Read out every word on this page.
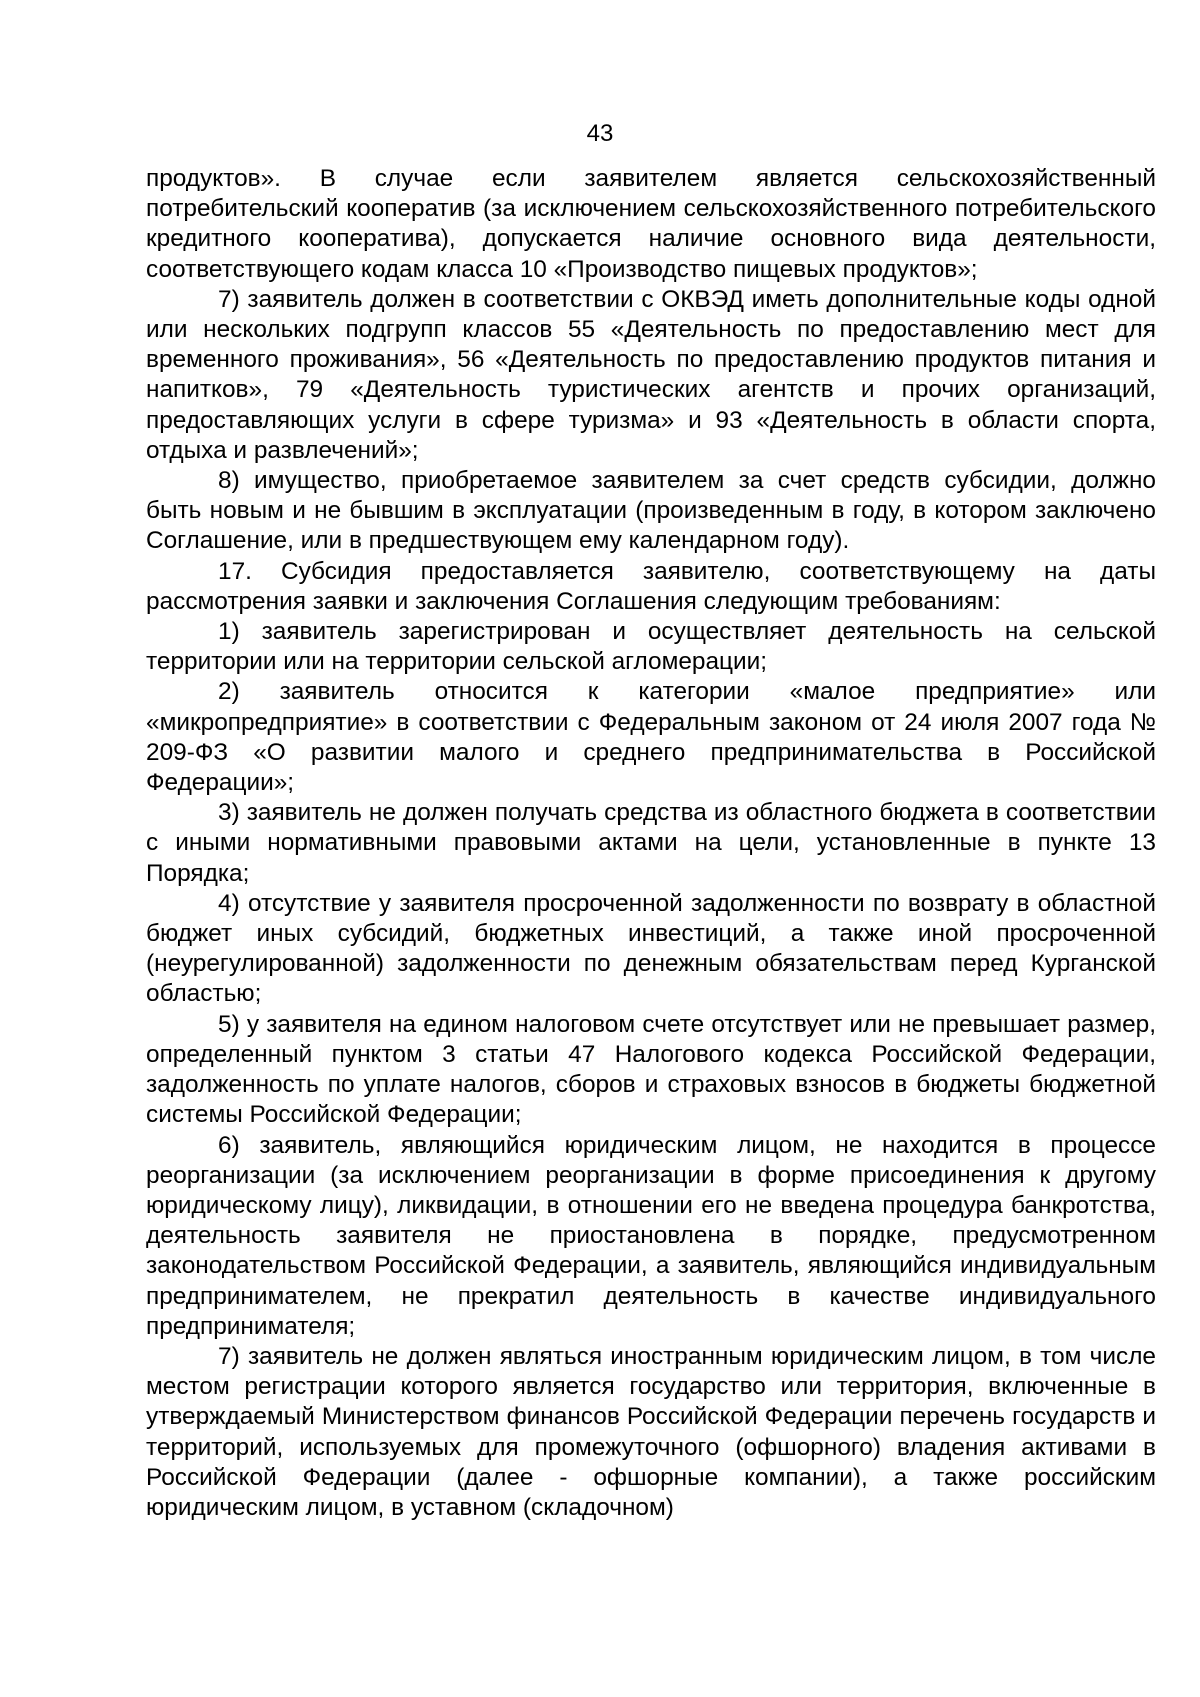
43

продуктов». В случае если заявителем является сельскохозяйственный потребительский кооператив (за исключением сельскохозяйственного потребительского кредитного кооператива), допускается наличие основного вида деятельности, соответствующего кодам класса 10 «Производство пищевых продуктов»;

7) заявитель должен в соответствии с ОКВЭД иметь дополнительные коды одной или нескольких подгрупп классов 55 «Деятельность по предоставлению мест для временного проживания», 56 «Деятельность по предоставлению продуктов питания и напитков», 79 «Деятельность туристических агентств и прочих организаций, предоставляющих услуги в сфере туризма» и 93 «Деятельность в области спорта, отдыха и развлечений»;

8) имущество, приобретаемое заявителем за счет средств субсидии, должно быть новым и не бывшим в эксплуатации (произведенным в году, в котором заключено Соглашение, или в предшествующем ему календарном году).

17. Субсидия предоставляется заявителю, соответствующему на даты рассмотрения заявки и заключения Соглашения следующим требованиям:

1) заявитель зарегистрирован и осуществляет деятельность на сельской территории или на территории сельской агломерации;

2) заявитель относится к категории «малое предприятие» или «микропредприятие» в соответствии с Федеральным законом от 24 июля 2007 года № 209-ФЗ «О развитии малого и среднего предпринимательства в Российской Федерации»;

3) заявитель не должен получать средства из областного бюджета в соответствии с иными нормативными правовыми актами на цели, установленные в пункте 13 Порядка;

4) отсутствие у заявителя просроченной задолженности по возврату в областной бюджет иных субсидий, бюджетных инвестиций, а также иной просроченной (неурегулированной) задолженности по денежным обязательствам перед Курганской областью;

5) у заявителя на едином налоговом счете отсутствует или не превышает размер, определенный пунктом 3 статьи 47 Налогового кодекса Российской Федерации, задолженность по уплате налогов, сборов и страховых взносов в бюджеты бюджетной системы Российской Федерации;

6) заявитель, являющийся юридическим лицом, не находится в процессе реорганизации (за исключением реорганизации в форме присоединения к другому юридическому лицу), ликвидации, в отношении его не введена процедура банкротства, деятельность заявителя не приостановлена в порядке, предусмотренном законодательством Российской Федерации, а заявитель, являющийся индивидуальным предпринимателем, не прекратил деятельность в качестве индивидуального предпринимателя;

7) заявитель не должен являться иностранным юридическим лицом, в том числе местом регистрации которого является государство или территория, включенные в утверждаемый Министерством финансов Российской Федерации перечень государств и территорий, используемых для промежуточного (офшорного) владения активами в Российской Федерации (далее - офшорные компании), а также российским юридическим лицом, в уставном (складочном)
